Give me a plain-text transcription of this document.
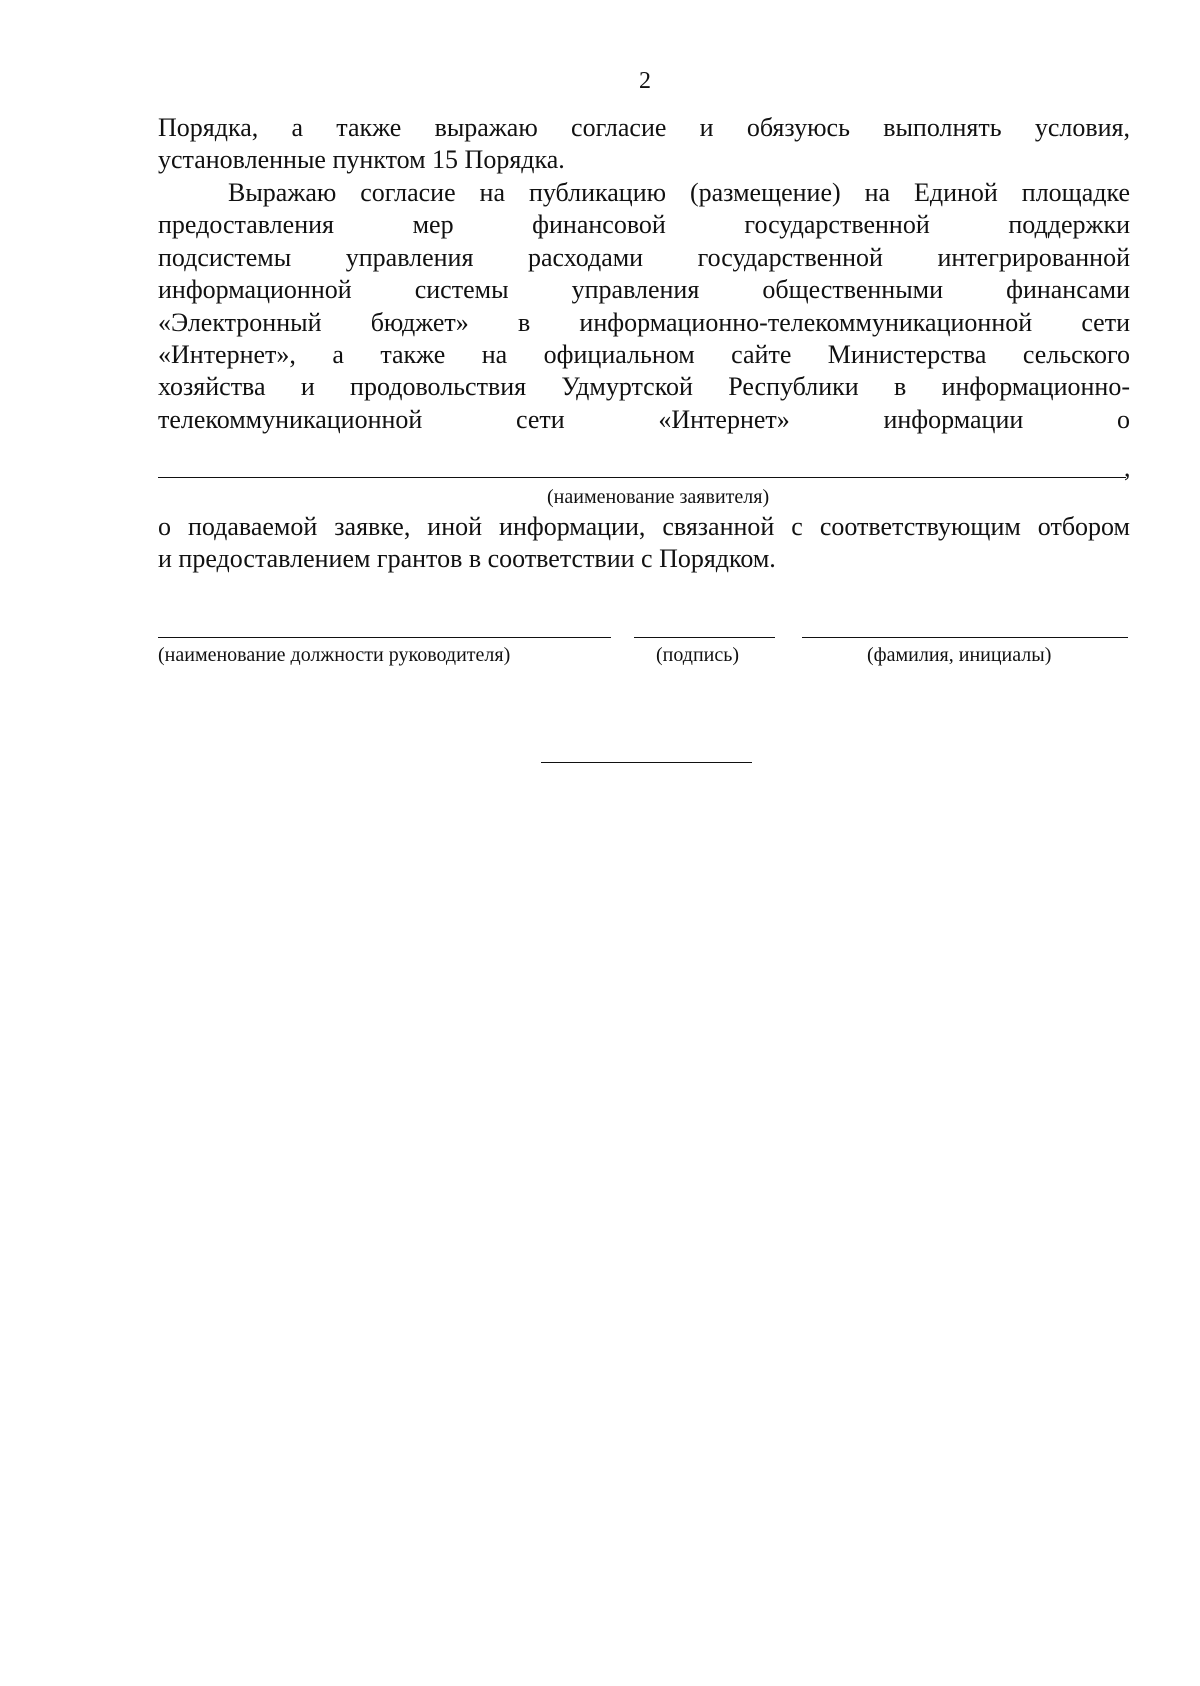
2
Порядка, а также выражаю согласие и обязуюсь выполнять условия,
установленные пунктом 15 Порядка.
Выражаю согласие на публикацию (размещение) на Единой площадке
предоставления мер финансовой государственной поддержки
подсистемы управления расходами государственной интегрированной
информационной системы управления общественными финансами
«Электронный бюджет» в информационно-телекоммуникационной сети
«Интернет», а также на официальном сайте Министерства сельского
хозяйства и продовольствия Удмуртской Республики в информационно-
телекоммуникационной сети «Интернет» информации о
,
(наименование заявителя)
о подаваемой заявке, иной информации, связанной с соответствующим отбором
и предоставлением грантов в соответствии с Порядком.
(наименование должности руководителя)	(подпись)	(фамилия, инициалы)
